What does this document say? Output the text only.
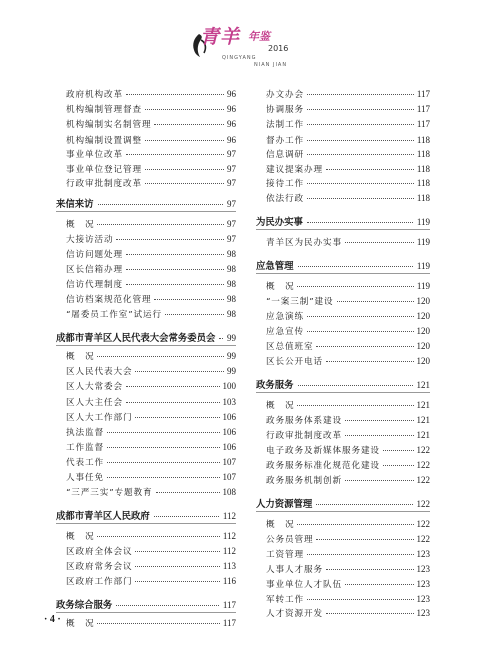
青羊 年鉴
2016
QINGYANG
NIAN JIAN
政府机构改革	96
机构编制管理督查	96
机构编制实名制管理	96
机构编制设置调整	96
事业单位改革	97
事业单位登记管理	97
行政审批制度改革	97
来信来访	97
概　况	97
大接访活动	97
信访问题处理	98
区长信箱办理	98
信访代理制度	98
信访档案规范化管理	98
“屠委员工作室”试运行	98
成都市青羊区人民代表大会常务委员会 99
概　况	99
区人民代表大会	99
区人大常委会	100
区人大主任会	103
区人大工作部门	106
执法监督	106
工作监督	106
代表工作	107
人事任免	107
“三严三实”专题教育	108
成都市青羊区人民政府	112
概　况	112
区政府全体会议	112
区政府常务会议	113
区政府工作部门	116
政务综合服务	117
概　况	117
办文办会	117
协调服务	117
法制工作	117
督办工作	118
信息调研	118
建议提案办理	118
接待工作	118
依法行政	118
为民办实事	119
青羊区为民办实事	119
应急管理	119
概　况	119
“一案三制”建设	120
应急演练	120
应急宣传	120
区总值班室	120
区长公开电话	120
政务服务	121
概　况	121
政务服务体系建设	121
行政审批制度改革	121
电子政务及新媒体服务建设	122
政务服务标准化规范化建设	122
政务服务机制创新	122
人力资源管理	122
概　况	122
公务员管理	122
工资管理	123
人事人才服务	123
事业单位人才队伍	123
军转工作	123
人才资源开发	123
· 4 ·
